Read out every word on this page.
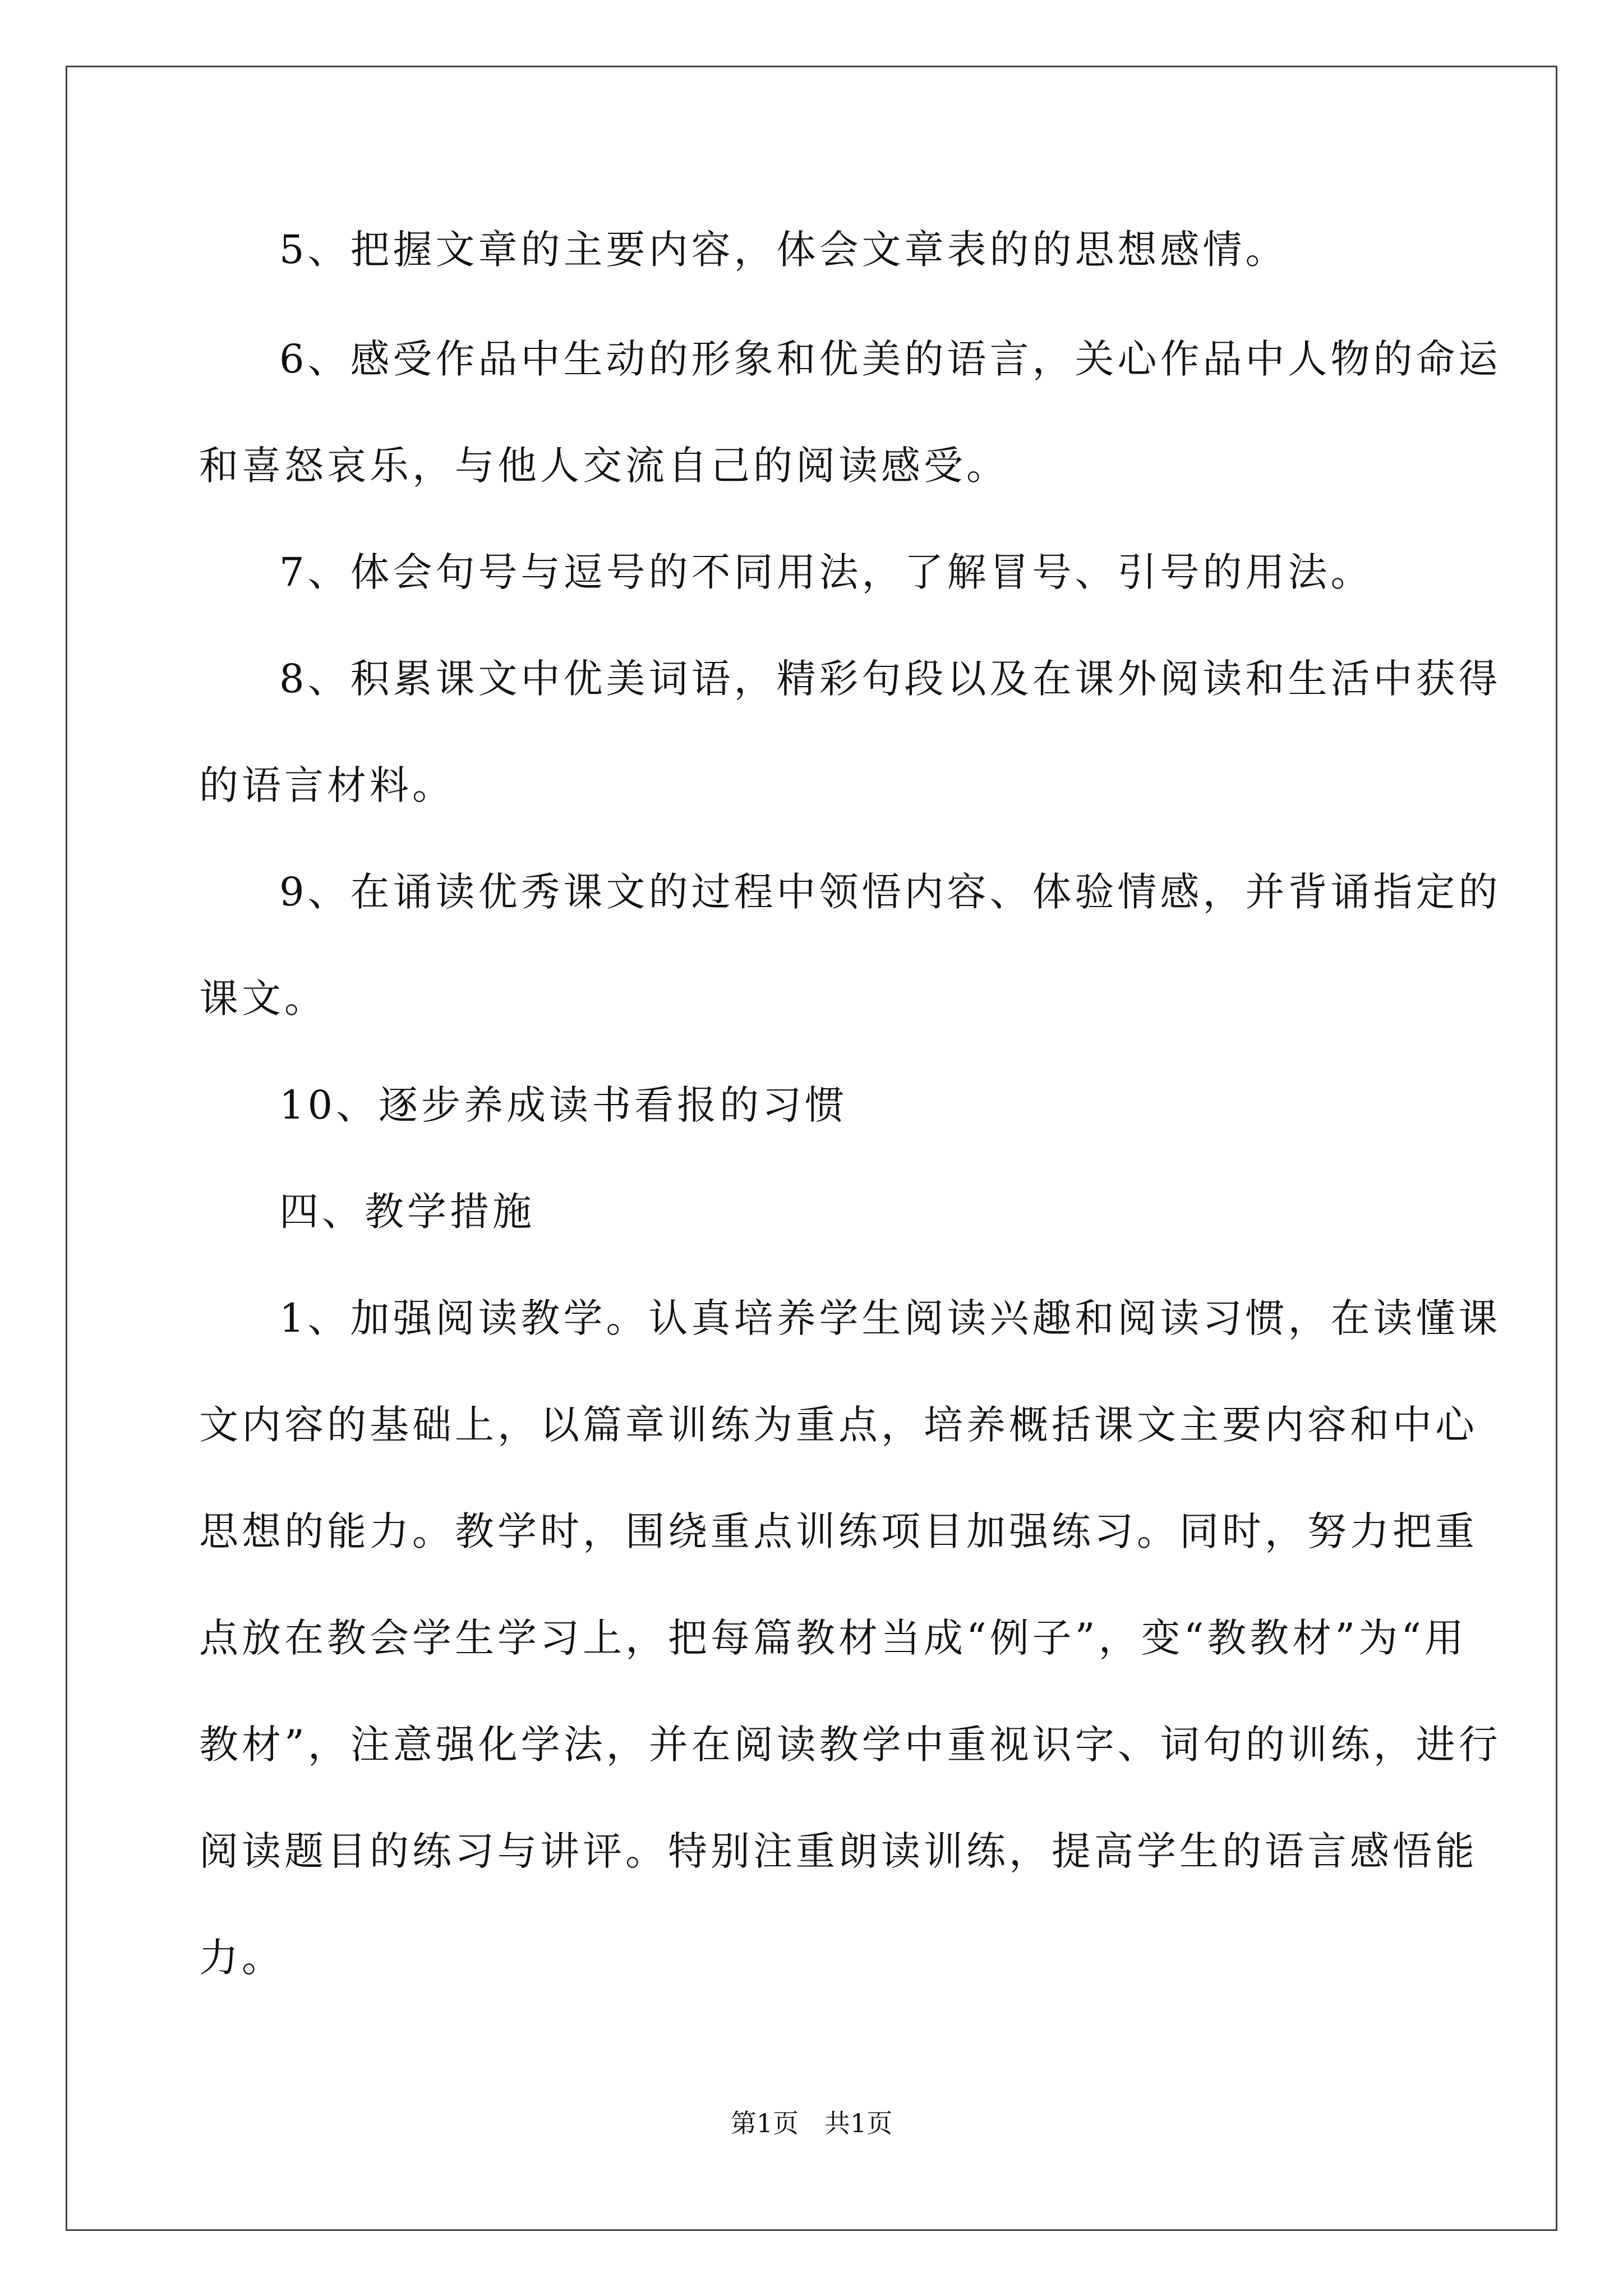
5、把握文章的主要内容，体会文章表的的思想感情。
6、感受作品中生动的形象和优美的语言，关心作品中人物的命运
和喜怒哀乐，与他人交流自己的阅读感受。
7、体会句号与逗号的不同用法，了解冒号、引号的用法。
8、积累课文中优美词语，精彩句段以及在课外阅读和生活中获得
的语言材料。
9、在诵读优秀课文的过程中领悟内容、体验情感，并背诵指定的
课文。
10、逐步养成读书看报的习惯
四、教学措施
1、加强阅读教学。认真培养学生阅读兴趣和阅读习惯，在读懂课
文内容的基础上，以篇章训练为重点，培养概括课文主要内容和中心
思想的能力。教学时，围绕重点训练项目加强练习。同时，努力把重
点放在教会学生学习上，把每篇教材当成“例子”，变“教教材”为“用
教材”，注意强化学法，并在阅读教学中重视识字、词句的训练，进行
阅读题目的练习与讲评。特别注重朗读训练，提高学生的语言感悟能
力。
第1页　共1页
